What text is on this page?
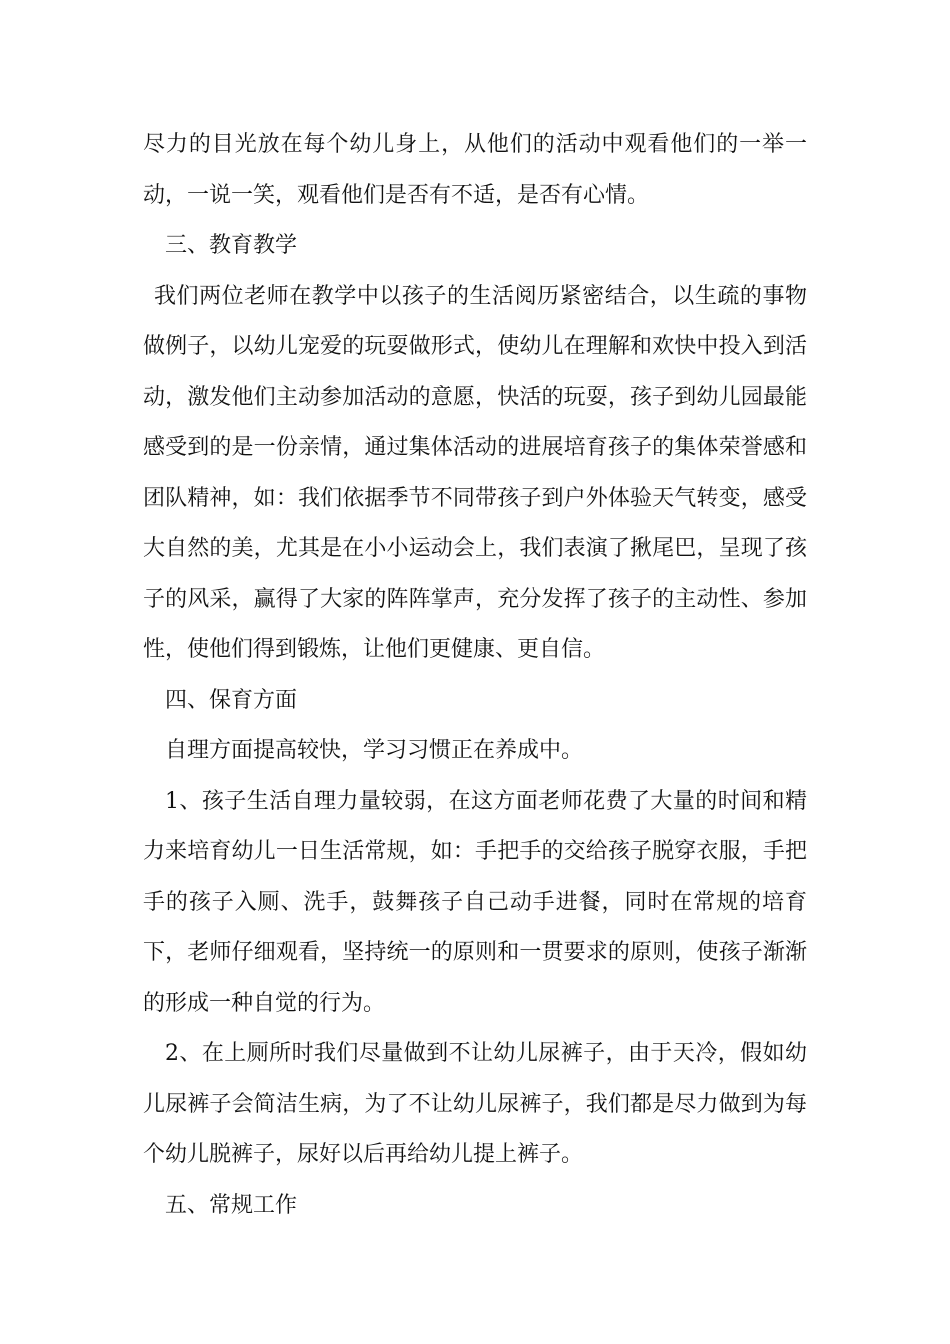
尽力的目光放在每个幼儿身上，从他们的活动中观看他们的一举一动，一说一笑，观看他们是否有不适，是否有心情。

三、教育教学

我们两位老师在教学中以孩子的生活阅历紧密结合，以生疏的事物做例子，以幼儿宠爱的玩耍做形式，使幼儿在理解和欢快中投入到活动，激发他们主动参加活动的意愿，快活的玩耍，孩子到幼儿园最能感受到的是一份亲情，通过集体活动的进展培育孩子的集体荣誉感和团队精神，如：我们依据季节不同带孩子到户外体验天气转变，感受大自然的美，尤其是在小小运动会上，我们表演了揪尾巴，呈现了孩子的风采，赢得了大家的阵阵掌声，充分发挥了孩子的主动性、参加性，使他们得到锻炼，让他们更健康、更自信。

四、保育方面

自理方面提高较快，学习习惯正在养成中。

1、孩子生活自理力量较弱，在这方面老师花费了大量的时间和精力来培育幼儿一日生活常规，如：手把手的交给孩子脱穿衣服，手把手的孩子入厕、洗手，鼓舞孩子自己动手进餐，同时在常规的培育下，老师仔细观看，坚持统一的原则和一贯要求的原则，使孩子渐渐的形成一种自觉的行为。

2、在上厕所时我们尽量做到不让幼儿尿裤子，由于天冷，假如幼儿尿裤子会简洁生病，为了不让幼儿尿裤子，我们都是尽力做到为每个幼儿脱裤子，尿好以后再给幼儿提上裤子。

五、常规工作
